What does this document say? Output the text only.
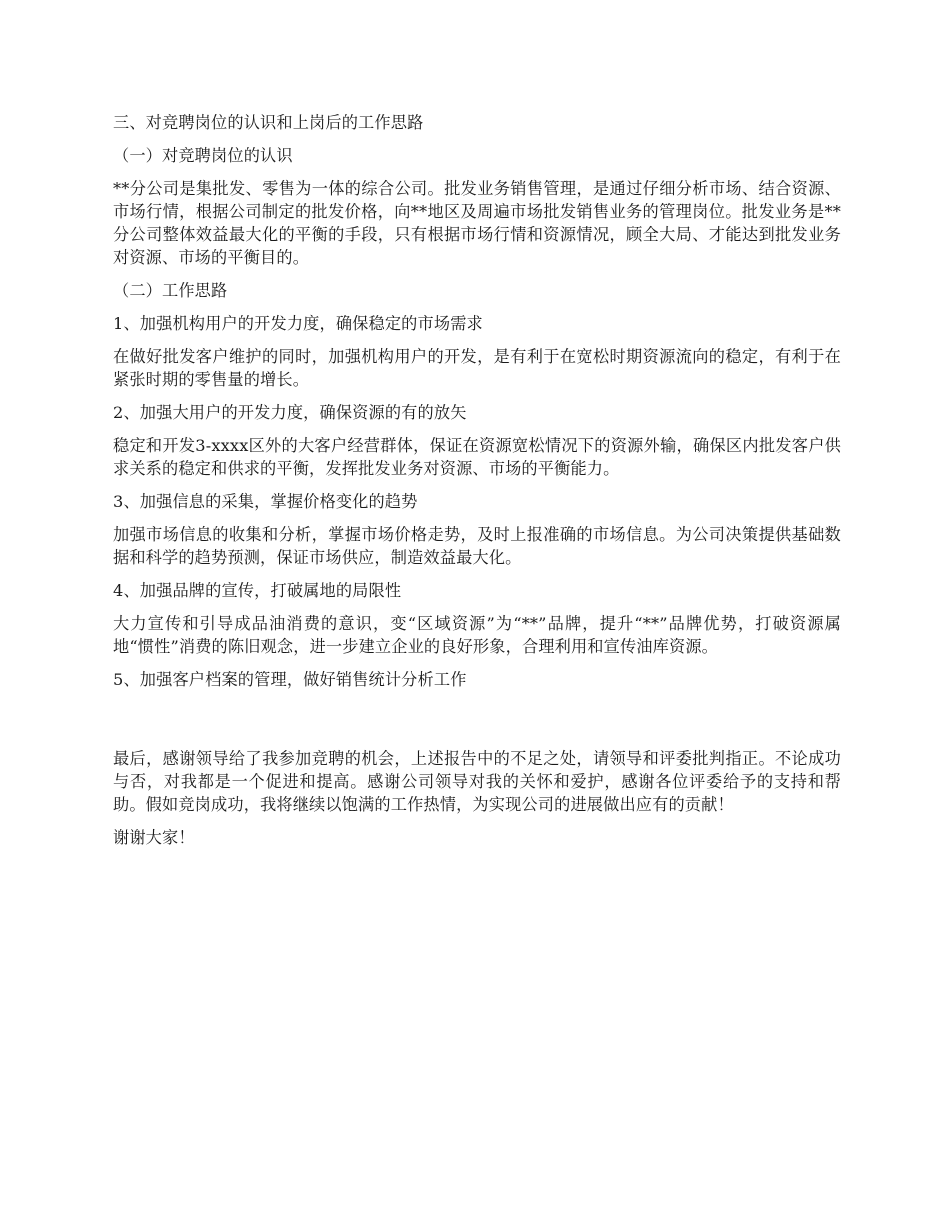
三、对竞聘岗位的认识和上岗后的工作思路

（一）对竞聘岗位的认识

**分公司是集批发、零售为一体的综合公司。批发业务销售管理，是通过仔细分析市场、结合资源、市场行情，根据公司制定的批发价格，向**地区及周遍市场批发销售业务的管理岗位。批发业务是**分公司整体效益最大化的平衡的手段，只有根据市场行情和资源情况，顾全大局、才能达到批发业务对资源、市场的平衡目的。

（二）工作思路

1、加强机构用户的开发力度，确保稳定的市场需求

在做好批发客户维护的同时，加强机构用户的开发，是有利于在宽松时期资源流向的稳定，有利于在紧张时期的零售量的增长。

2、加强大用户的开发力度，确保资源的有的放矢

稳定和开发3-xxxx区外的大客户经营群体，保证在资源宽松情况下的资源外输，确保区内批发客户供求关系的稳定和供求的平衡，发挥批发业务对资源、市场的平衡能力。

3、加强信息的采集，掌握价格变化的趋势

加强市场信息的收集和分析，掌握市场价格走势，及时上报准确的市场信息。为公司决策提供基础数据和科学的趋势预测，保证市场供应，制造效益最大化。

4、加强品牌的宣传，打破属地的局限性

大力宣传和引导成品油消费的意识，变“区域资源”为“**”品牌，提升“**”品牌优势，打破资源属地“惯性”消费的陈旧观念，进一步建立企业的良好形象，合理利用和宣传油库资源。

5、加强客户档案的管理，做好销售统计分析工作

最后，感谢领导给了我参加竞聘的机会，上述报告中的不足之处，请领导和评委批判指正。不论成功与否，对我都是一个促进和提高。感谢公司领导对我的关怀和爱护，感谢各位评委给予的支持和帮助。假如竞岗成功，我将继续以饱满的工作热情，为实现公司的进展做出应有的贡献！

谢谢大家！
